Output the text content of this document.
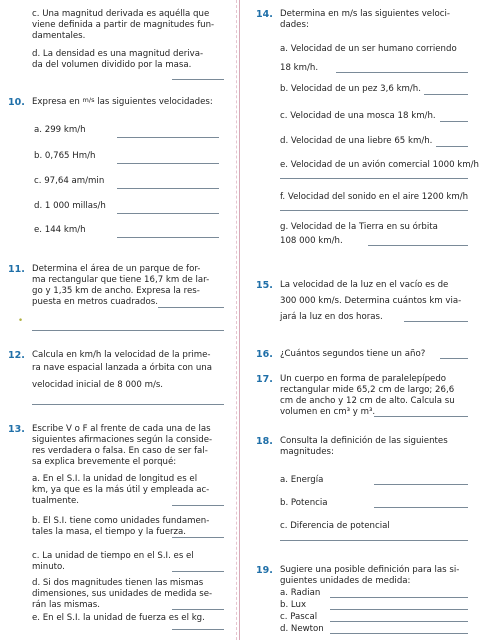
c. Una magnitud derivada es aquélla que
viene definida a partir de magnitudes fun-
damentales.
d. La densidad es una magnitud deriva-
da del volumen dividido por la masa.
10. Expresa en $^{m/s}$ las siguientes velocidades:
a. 299 km/h
b. 0,765 Hm/h
c. 97,64 am/min
d. 1 000 millas/h
e. 144 km/h
11. Determina el área de un parque de for-
ma rectangular que tiene 16,7 km de lar-
go y 1,35 km de ancho. Expresa la res-
puesta en metros cuadrados.
•
12. Calcula en km/h la velocidad de la prime-
ra nave espacial lanzada a órbita con una
velocidad inicial de 8 000 m/s.
13. Escribe V o F al frente de cada una de las
siguientes afirmaciones según la conside-
res verdadera o falsa. En caso de ser fal-
sa explica brevemente el porqué:
a. En el S.I. la unidad de longitud es el
km, ya que es la más útil y empleada ac-
tualmente.
b. El S.I. tiene como unidades fundamen-
tales la masa, el tiempo y la fuerza.
c. La unidad de tiempo en el S.I. es el
minuto.
d. Si dos magnitudes tienen las mismas
dimensiones, sus unidades de medida se-
rán las mismas.
e. En el S.I. la unidad de fuerza es el kg.
14. Determina en m/s las siguientes veloci-
dades:
a. Velocidad de un ser humano corriendo
18 km/h.
b. Velocidad de un pez 3,6 km/h.
c. Velocidad de una mosca 18 km/h.
d. Velocidad de una liebre 65 km/h.
e. Velocidad de un avión comercial 1000 km/h
f. Velocidad del sonido en el aire 1200 km/h
g. Velocidad de la Tierra en su órbita
108 000 km/h.
15. La velocidad de la luz en el vacío es de
300 000 km/s. Determina cuántos km via-
jará la luz en dos horas.
16. ¿Cuántos segundos tiene un año?
17. Un cuerpo en forma de paralelepípedo
rectangular mide 65,2 cm de largo; 26,6
cm de ancho y 12 cm de alto. Calcula su
volumen en cm³ y m³.
18. Consulta la definición de las siguientes
magnitudes:
a. Energía
b. Potencia
c. Diferencia de potencial
19. Sugiere una posible definición para las si-
guientes unidades de medida:
a. Radian
b. Lux
c. Pascal
d. Newton
